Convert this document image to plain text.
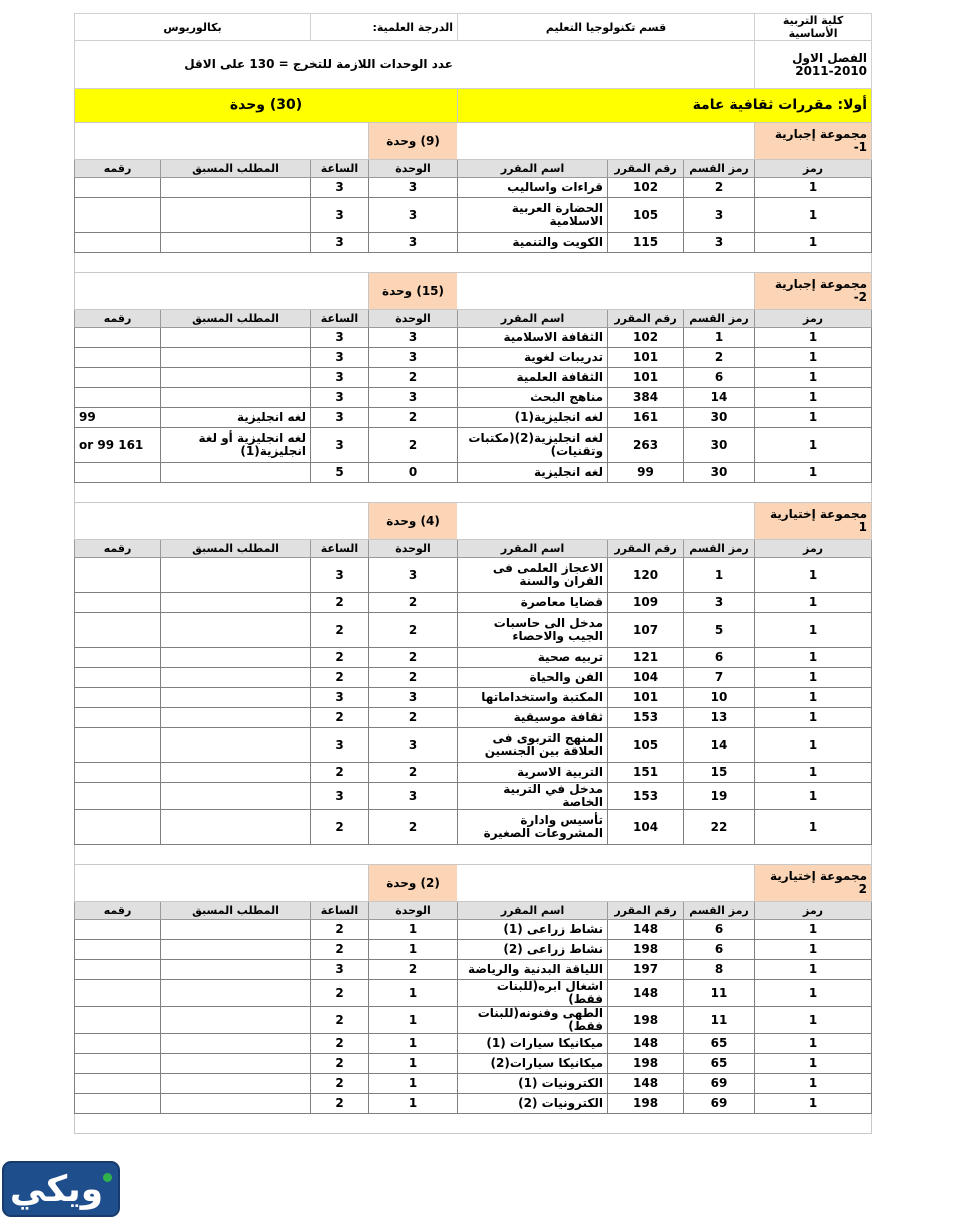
كلية التربية الأساسية	قسم تكنولوجيا التعليم			الدرجة العلمية:		بكالوريوس	
الفصل الاول 2010-2011				عدد الوحدات اللازمة للتخرج = 130 على الاقل			
أولا: مقررات ثقافية عامة				(30) وحدة			
مجموعة إجبارية 1-				(9) وحدة			
رمز	رمز القسم	رقم المقرر	اسم المقرر	الوحدة	الساعة	المطلب المسبق	رقمه
1	2	102	قراءات واساليب	3	3		
1	3	105	الحضارة العربية الاسلامية	3	3		
1	3	115	الكويت والتنمية	3	3		

مجموعة إجبارية 2-				(15) وحدة			
رمز	رمز القسم	رقم المقرر	اسم المقرر	الوحدة	الساعة	المطلب المسبق	رقمه
1	1	102	الثقافة الاسلامية	3	3		
1	2	101	تدريبات لغوية	3	3		
1	6	101	الثقافة العلمية	2	3		
1	14	384	مناهج البحث	3	3		
1	30	161	لغه انجليزية(1)	2	3	لغه انجليزية	99
1	30	263	لغه انجليزية(2)(مكتبات وتقنيات)	2	3	لغه انجليزية أو لغة انجليزية(1)	161 or 99
1	30	99	لغه انجليزية	0	5		

مجموعة إختيارية 1				(4) وحدة			
رمز	رمز القسم	رقم المقرر	اسم المقرر	الوحدة	الساعة	المطلب المسبق	رقمه
1	1	120	الاعجاز العلمى فى القران والسنة	3	3		
1	3	109	قضايا معاصرة	2	2		
1	5	107	مدخل الى حاسبات الجيب والاحصاء	2	2		
1	6	121	تربيه صحية	2	2		
1	7	104	الفن والحياة	2	2		
1	10	101	المكتبة واستخداماتها	3	3		
1	13	153	ثقافة موسيقية	2	2		
1	14	105	المنهج التربوى فى العلاقة بين الجنسين	3	3		
1	15	151	التربية الاسرية	2	2		
1	19	153	مدخل في التربية الخاصة	3	3		
1	22	104	تأسيس وادارة المشروعات الصغيرة	2	2		

مجموعة إختيارية 2				(2) وحدة			
رمز	رمز القسم	رقم المقرر	اسم المقرر	الوحدة	الساعة	المطلب المسبق	رقمه
1	6	148	نشاط زراعى (1)	1	2		
1	6	198	نشاط زراعى (2)	1	2		
1	8	197	اللياقة البدنية والرياضة	2	3		
1	11	148	اشغال ابره(للبنات فقط)	1	2		
1	11	198	الطهى وفنونه(للبنات فقط)	1	2		
1	65	148	ميكانيكا سيارات (1)	1	2		
1	65	198	ميكانيكا سيارات(2)	1	2		
1	69	148	الكترونيات (1)	1	2		
1	69	198	الكترونيات (2)	1	2		

ويكي
